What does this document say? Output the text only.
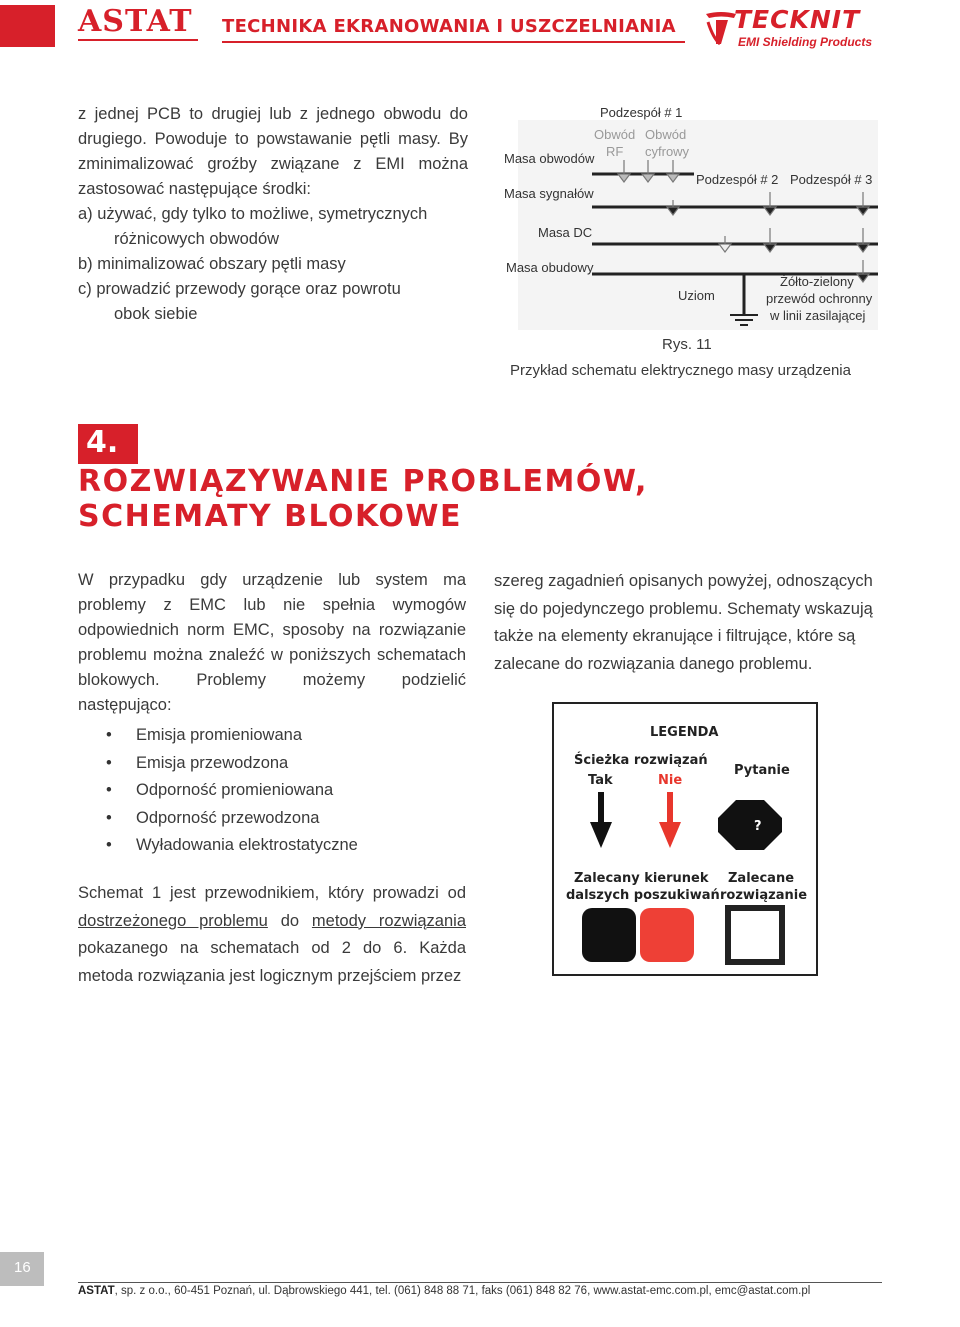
ASTAT TECHNIKA EKRANOWANIA I USZCZELNIANIA TECKNIT
EMI Shielding Products

z jednej PCB to drugiej lub z jednego obwodu do drugiego. Powoduje to powstawanie pętli masy. By zminimalizować groźby związane z EMI można zastosować następujące środki:

a) używać, gdy tylko to możliwe, symetrycznych
różnicowych obwodów
b) minimalizować obszary pętli masy
c) prowadzić przewody gorące oraz powrotu
obok siebie
Podzespół # 1
Obwód
RF
Obwód
cyfrowy
Podzespół # 2 Podzespół # 3
Masa obwodów
Masa sygnałów
Masa DC
Masa obudowy
Uziom
Żółto-zielony
przewód ochronny
w linii zasilającej
Rys. 11
Przykład schematu elektrycznego masy urządzenia
4.
ROZWIĄZYWANIE PROBLEMÓW,
SCHEMATY BLOKOWE

W przypadku gdy urządzenie lub system ma problemy z EMC lub nie spełnia wymogów odpowiednich norm EMC, sposoby na rozwiązanie problemu można znaleźć w poniższych schematach blokowych. Problemy możemy podzielić następująco:

• Emisja promieniowana
• Emisja przewodzona
• Odporność promieniowana
• Odporność przewodzona
• Wyładowania elektrostatyczne
Schemat 1 jest przewodnikiem, który prowadzi od dostrzeżonego problemu do metody rozwiązania pokazanego na schematach od 2 do 6. Każda metoda rozwiązania jest logicznym przejściem przez

szereg zagadnień opisanych powyżej, odnoszących się do pojedynczego problemu. Schematy wskazują także na elementy ekranujące i filtrujące, które są zalecane do rozwiązania danego problemu.

LEGENDA
Ścieżka rozwiązań
Tak	Nie
Pytanie
?
Zalecany kierunek
dalszych poszukiwań
Zalecane
rozwiązanie
16
ASTAT, sp. z o.o., 60-451 Poznań, ul. Dąbrowskiego 441, tel. (061) 848 88 71, faks (061) 848 82 76, www.astat-emc.com.pl, emc@astat.com.pl
